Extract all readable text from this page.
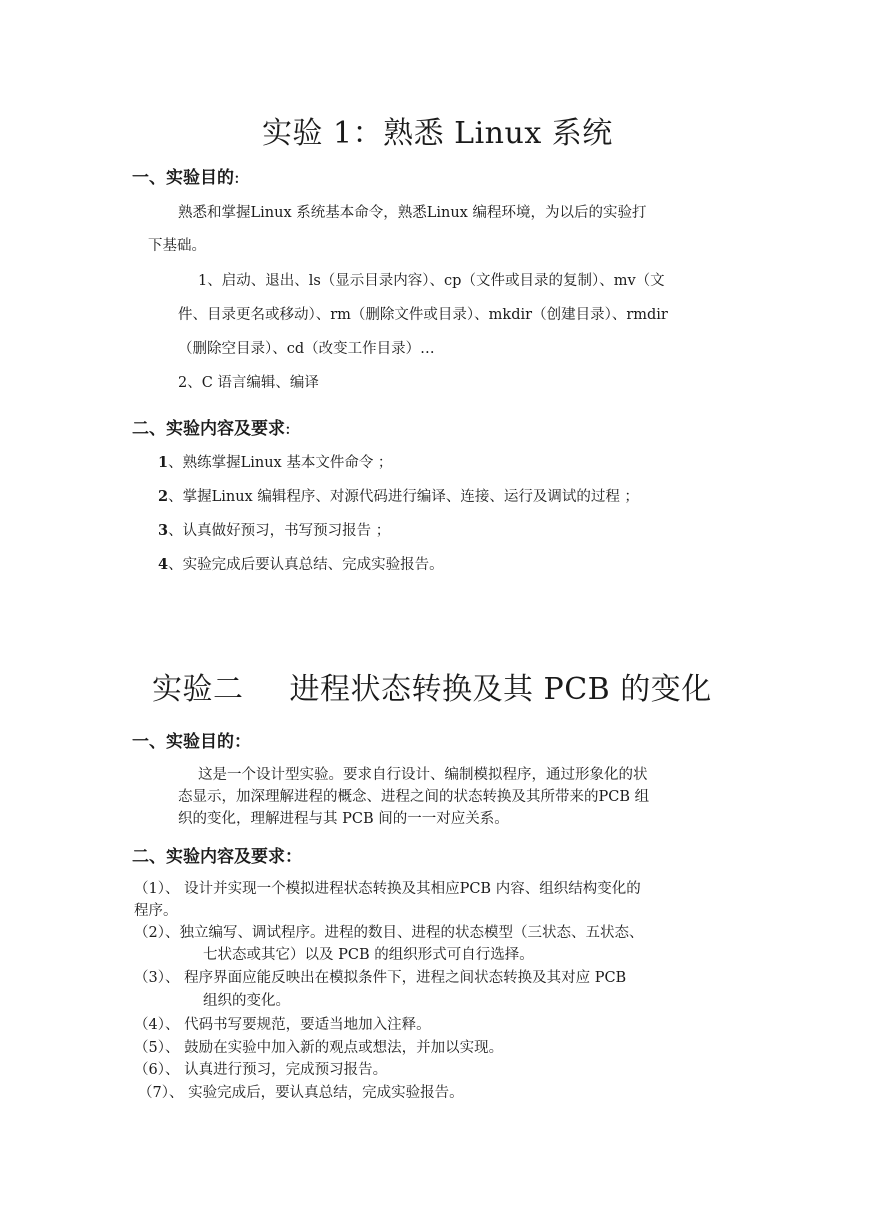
实验 1：熟悉 Linux 系统
一、实验目的:
熟悉和掌握Linux 系统基本命令，熟悉Linux 编程环境，为以后的实验打
下基础。
1、启动、退出、ls（显示目录内容）、cp（文件或目录的复制）、mv（文
件、目录更名或移动）、rm（删除文件或目录）、mkdir（创建目录）、rmdir
（删除空目录）、cd（改变工作目录）…
2、C 语言编辑、编译
二、实验内容及要求:
1、熟练掌握Linux 基本文件命令 ；
2、掌握Linux 编辑程序、对源代码进行编译、连接、运行及调试的过程 ；
3、认真做好预习，书写预习报告 ；
4、实验完成后要认真总结、完成实验报告。
实验二 进程状态转换及其 PCB 的变化
一、实验目的：
这是一个设计型实验。要求自行设计、编制模拟程序，通过形象化的状
态显示，加深理解进程的概念、进程之间的状态转换及其所带来的PCB 组
织的变化，理解进程与其 PCB 间的一一对应关系。
二、实验内容及要求：
（1）、 设计并实现一个模拟进程状态转换及其相应PCB 内容、组织结构变化的
程序。
（2）、独立编写、调试程序。进程的数目、进程的状态模型（三状态、五状态、
七状态或其它）以及 PCB 的组织形式可自行选择。
（3）、 程序界面应能反映出在模拟条件下，进程之间状态转换及其对应 PCB
组织的变化。
（4）、 代码书写要规范，要适当地加入注释。
（5）、 鼓励在实验中加入新的观点或想法，并加以实现。
（6）、 认真进行预习，完成预习报告。
（7）、 实验完成后，要认真总结，完成实验报告。
